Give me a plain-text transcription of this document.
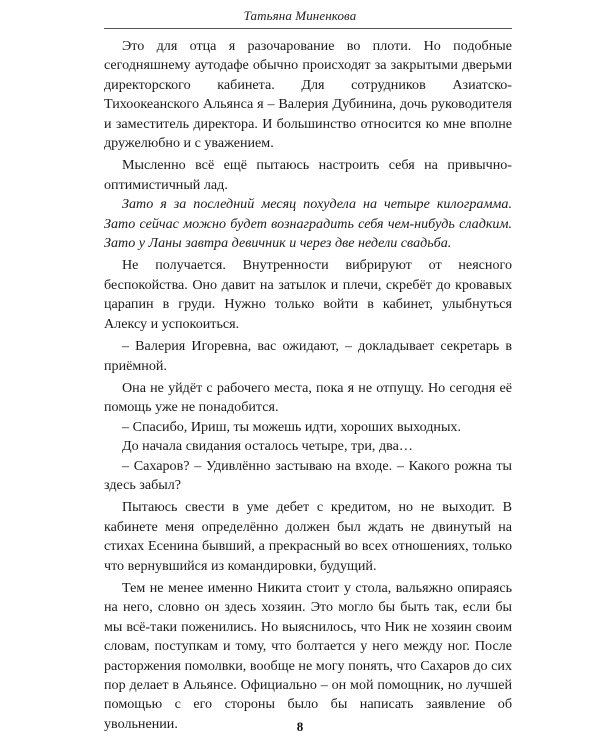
Татьяна Миненкова

Это для отца я разочарование во плоти. Но подобные сегодняшнему аутодафе обычно происходят за закрытыми дверьми директорского кабинета. Для сотрудников Азиатско-Тихоокеанского Альянса я – Валерия Дубинина, дочь руководителя и заместитель директора. И большинство относится ко мне вполне дружелюбно и с уважением.

Мысленно всё ещё пытаюсь настроить себя на привычно-оптимистичный лад.

Зато я за последний месяц похудела на четыре килограмма. Зато сейчас можно будет вознаградить себя чем-нибудь сладким. Зато у Ланы завтра девичник и через две недели свадьба.

Не получается. Внутренности вибрируют от неясного беспокойства. Оно давит на затылок и плечи, скребёт до кровавых царапин в груди. Нужно только войти в кабинет, улыбнуться Алексу и успокоиться.

– Валерия Игоревна, вас ожидают, – докладывает секретарь в приёмной.

Она не уйдёт с рабочего места, пока я не отпущу. Но сегодня её помощь уже не понадобится.

– Спасибо, Ириш, ты можешь идти, хороших выходных.

До начала свидания осталось четыре, три, два…

– Сахаров? – Удивлённо застываю на входе. – Какого рожна ты здесь забыл?

Пытаюсь свести в уме дебет с кредитом, но не выходит. В кабинете меня определённо должен был ждать не двинутый на стихах Есенина бывший, а прекрасный во всех отношениях, только что вернувшийся из командировки, будущий.

Тем не менее именно Никита стоит у стола, вальяжно опираясь на него, словно он здесь хозяин. Это могло бы быть так, если бы мы всё-таки поженились. Но выяснилось, что Ник не хозяин своим словам, поступкам и тому, что болтается у него между ног. После расторжения помолвки, вообще не могу понять, что Сахаров до сих пор делает в Альянсе. Официально – он мой помощник, но лучшей помощью с его стороны было бы написать заявление об увольнении.	8
